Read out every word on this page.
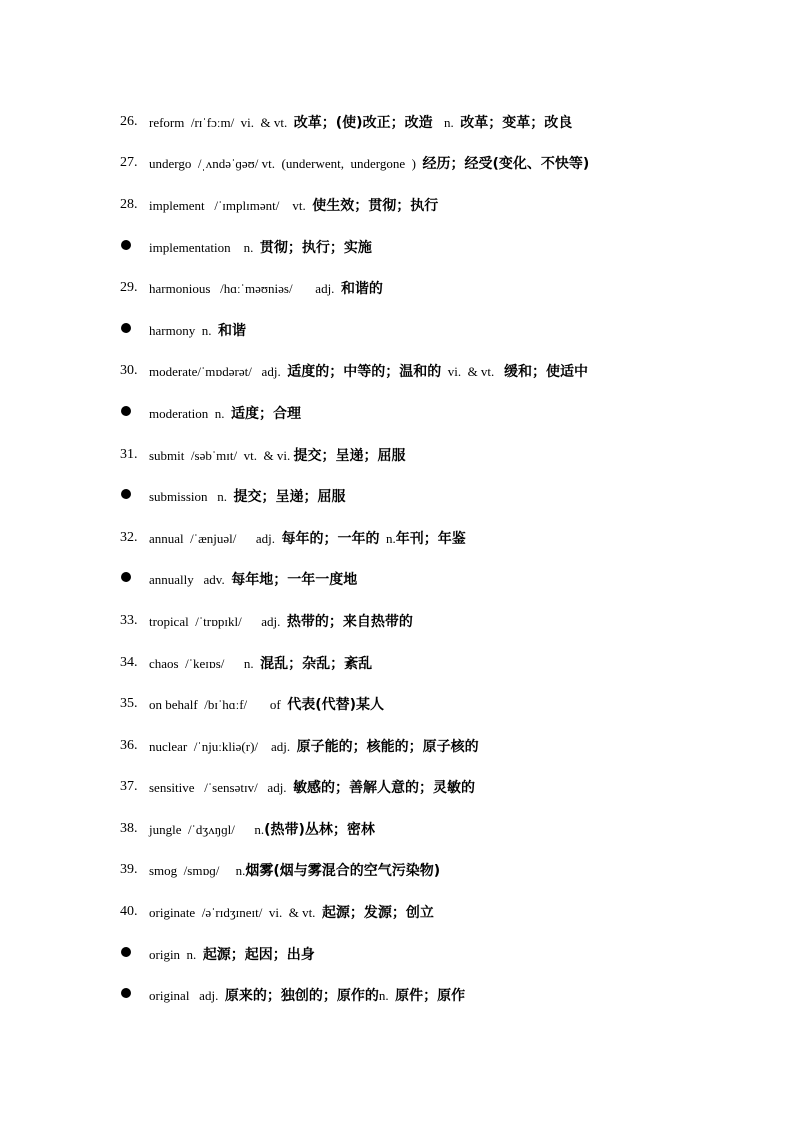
26. reform  /rɪˈfɔːm/  vi.  & vt.  改革；(使)改正；改造   n.  改革；变革；改良
27. undergo  /ˌʌndəˈɡəʊ/ vt.  (underwent,  undergone  )  经历；经受(变化、不快等)
28. implement   /ˈɪmplɪmənt/    vt.  使生效；贯彻；执行
implementation    n.  贯彻；执行；实施
29. harmonious   /hɑːˈməʊniəs/       adj.  和谐的
harmony  n.  和谐
30. moderate/ˈmɒdərət/   adj.  适度的；中等的；温和的  vi.  & vt.   缓和；使适中
moderation  n.  适度；合理
31. submit  /səbˈmɪt/  vt.  & vi. 提交；呈递；屈服
submission   n.  提交；呈递；屈服
32. annual  /ˈænjuəl/      adj.  每年的；一年的  n.年刊；年鉴
annually   adv.  每年地；一年一度地
33. tropical  /ˈtrɒpɪkl/      adj.  热带的；来自热带的
34. chaos  /ˈkeɪɒs/      n.  混乱；杂乱；紊乱
35. on behalf  /bɪˈhɑːf/       of  代表(代替)某人
36. nuclear  /ˈnjuːkliə(r)/    adj.  原子能的；核能的；原子核的
37. sensitive   /ˈsensətɪv/   adj.  敏感的；善解人意的；灵敏的
38. jungle  /ˈdʒʌŋɡl/      n.(热带)丛林；密林
39. smog  /smɒɡ/     n.烟雾(烟与雾混合的空气污染物)
40. originate  /əˈrɪdʒɪneɪt/  vi.  & vt.  起源；发源；创立
origin  n.  起源；起因；出身
original   adj.  原来的；独创的；原作的n.  原件；原作
